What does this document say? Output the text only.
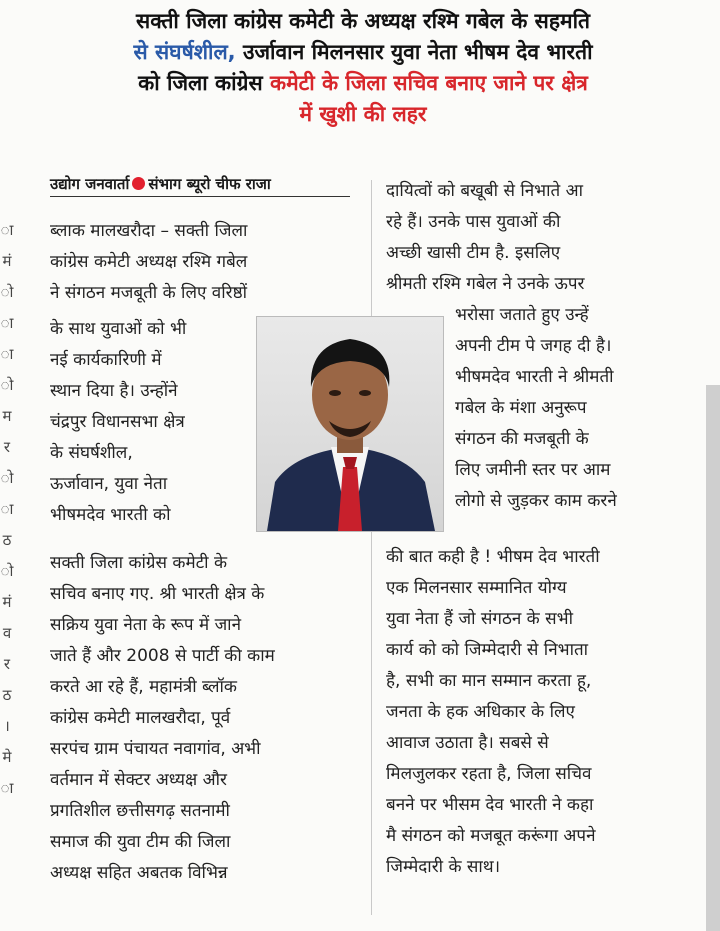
सक्ती जिला कांग्रेस कमेटी के अध्यक्ष रश्मि गबेल के सहमति
से संघर्षशील, उर्जावान मिलनसार युवा नेता भीषम देव भारती
को जिला कांग्रेस कमेटी के जिला सचिव बनाए जाने पर क्षेत्र
में खुशी की लहर
ा
मं
ो
ा
ा
ो
म
र
ो
ा
ठ
ो
मं
व
र
ठ
।
मे
ा
उद्योग जनवार्ता संभाग ब्यूरो चीफ राजा
ब्लाक मालखरौदा – सक्ती जिला
कांग्रेस कमेटी अध्यक्ष रश्मि गबेल
ने संगठन मजबूती के लिए वरिष्ठों
के साथ युवाओं को भी
नई कार्यकारिणी में
स्थान दिया है। उन्होंने
चंद्रपुर विधानसभा क्षेत्र
के संघर्षशील,
ऊर्जावान, युवा नेता
भीषमदेव भारती को
सक्ती जिला कांग्रेस कमेटी के
सचिव बनाए गए. श्री भारती क्षेत्र के
सक्रिय युवा नेता के रूप में जाने
जाते हैं और 2008 से पार्टी की काम
करते आ रहे हैं, महामंत्री ब्लॉक
कांग्रेस कमेटी मालखरौदा, पूर्व
सरपंच ग्राम पंचायत नवागांव, अभी
वर्तमान में सेक्टर अध्यक्ष और
प्रगतिशील छत्तीसगढ़ सतनामी
समाज की युवा टीम की जिला
अध्यक्ष सहित अबतक विभिन्न
दायित्वों को बखूबी से निभाते आ
रहे हैं। उनके पास युवाओं की
अच्छी खासी टीम है. इसलिए
श्रीमती रश्मि गबेल ने उनके ऊपर
भरोसा जताते हुए उन्हें
अपनी टीम पे जगह दी है।
भीषमदेव भारती ने श्रीमती
गबेल के मंशा अनुरूप
संगठन की मजबूती के
लिए जमीनी स्तर पर आम
लोगो से जुड़कर काम करने
की बात कही है ! भीषम देव भारती
एक मिलनसार सम्मानित योग्य
युवा नेता हैं जो संगठन के सभी
कार्य को को जिम्मेदारी से निभाता
है, सभी का मान सम्मान करता हू,
जनता के हक अधिकार के लिए
आवाज उठाता है। सबसे से
मिलजुलकर रहता है, जिला सचिव
बनने पर भीसम देव भारती ने कहा
मै संगठन को मजबूत करूंगा अपने
जिम्मेदारी के साथ।
